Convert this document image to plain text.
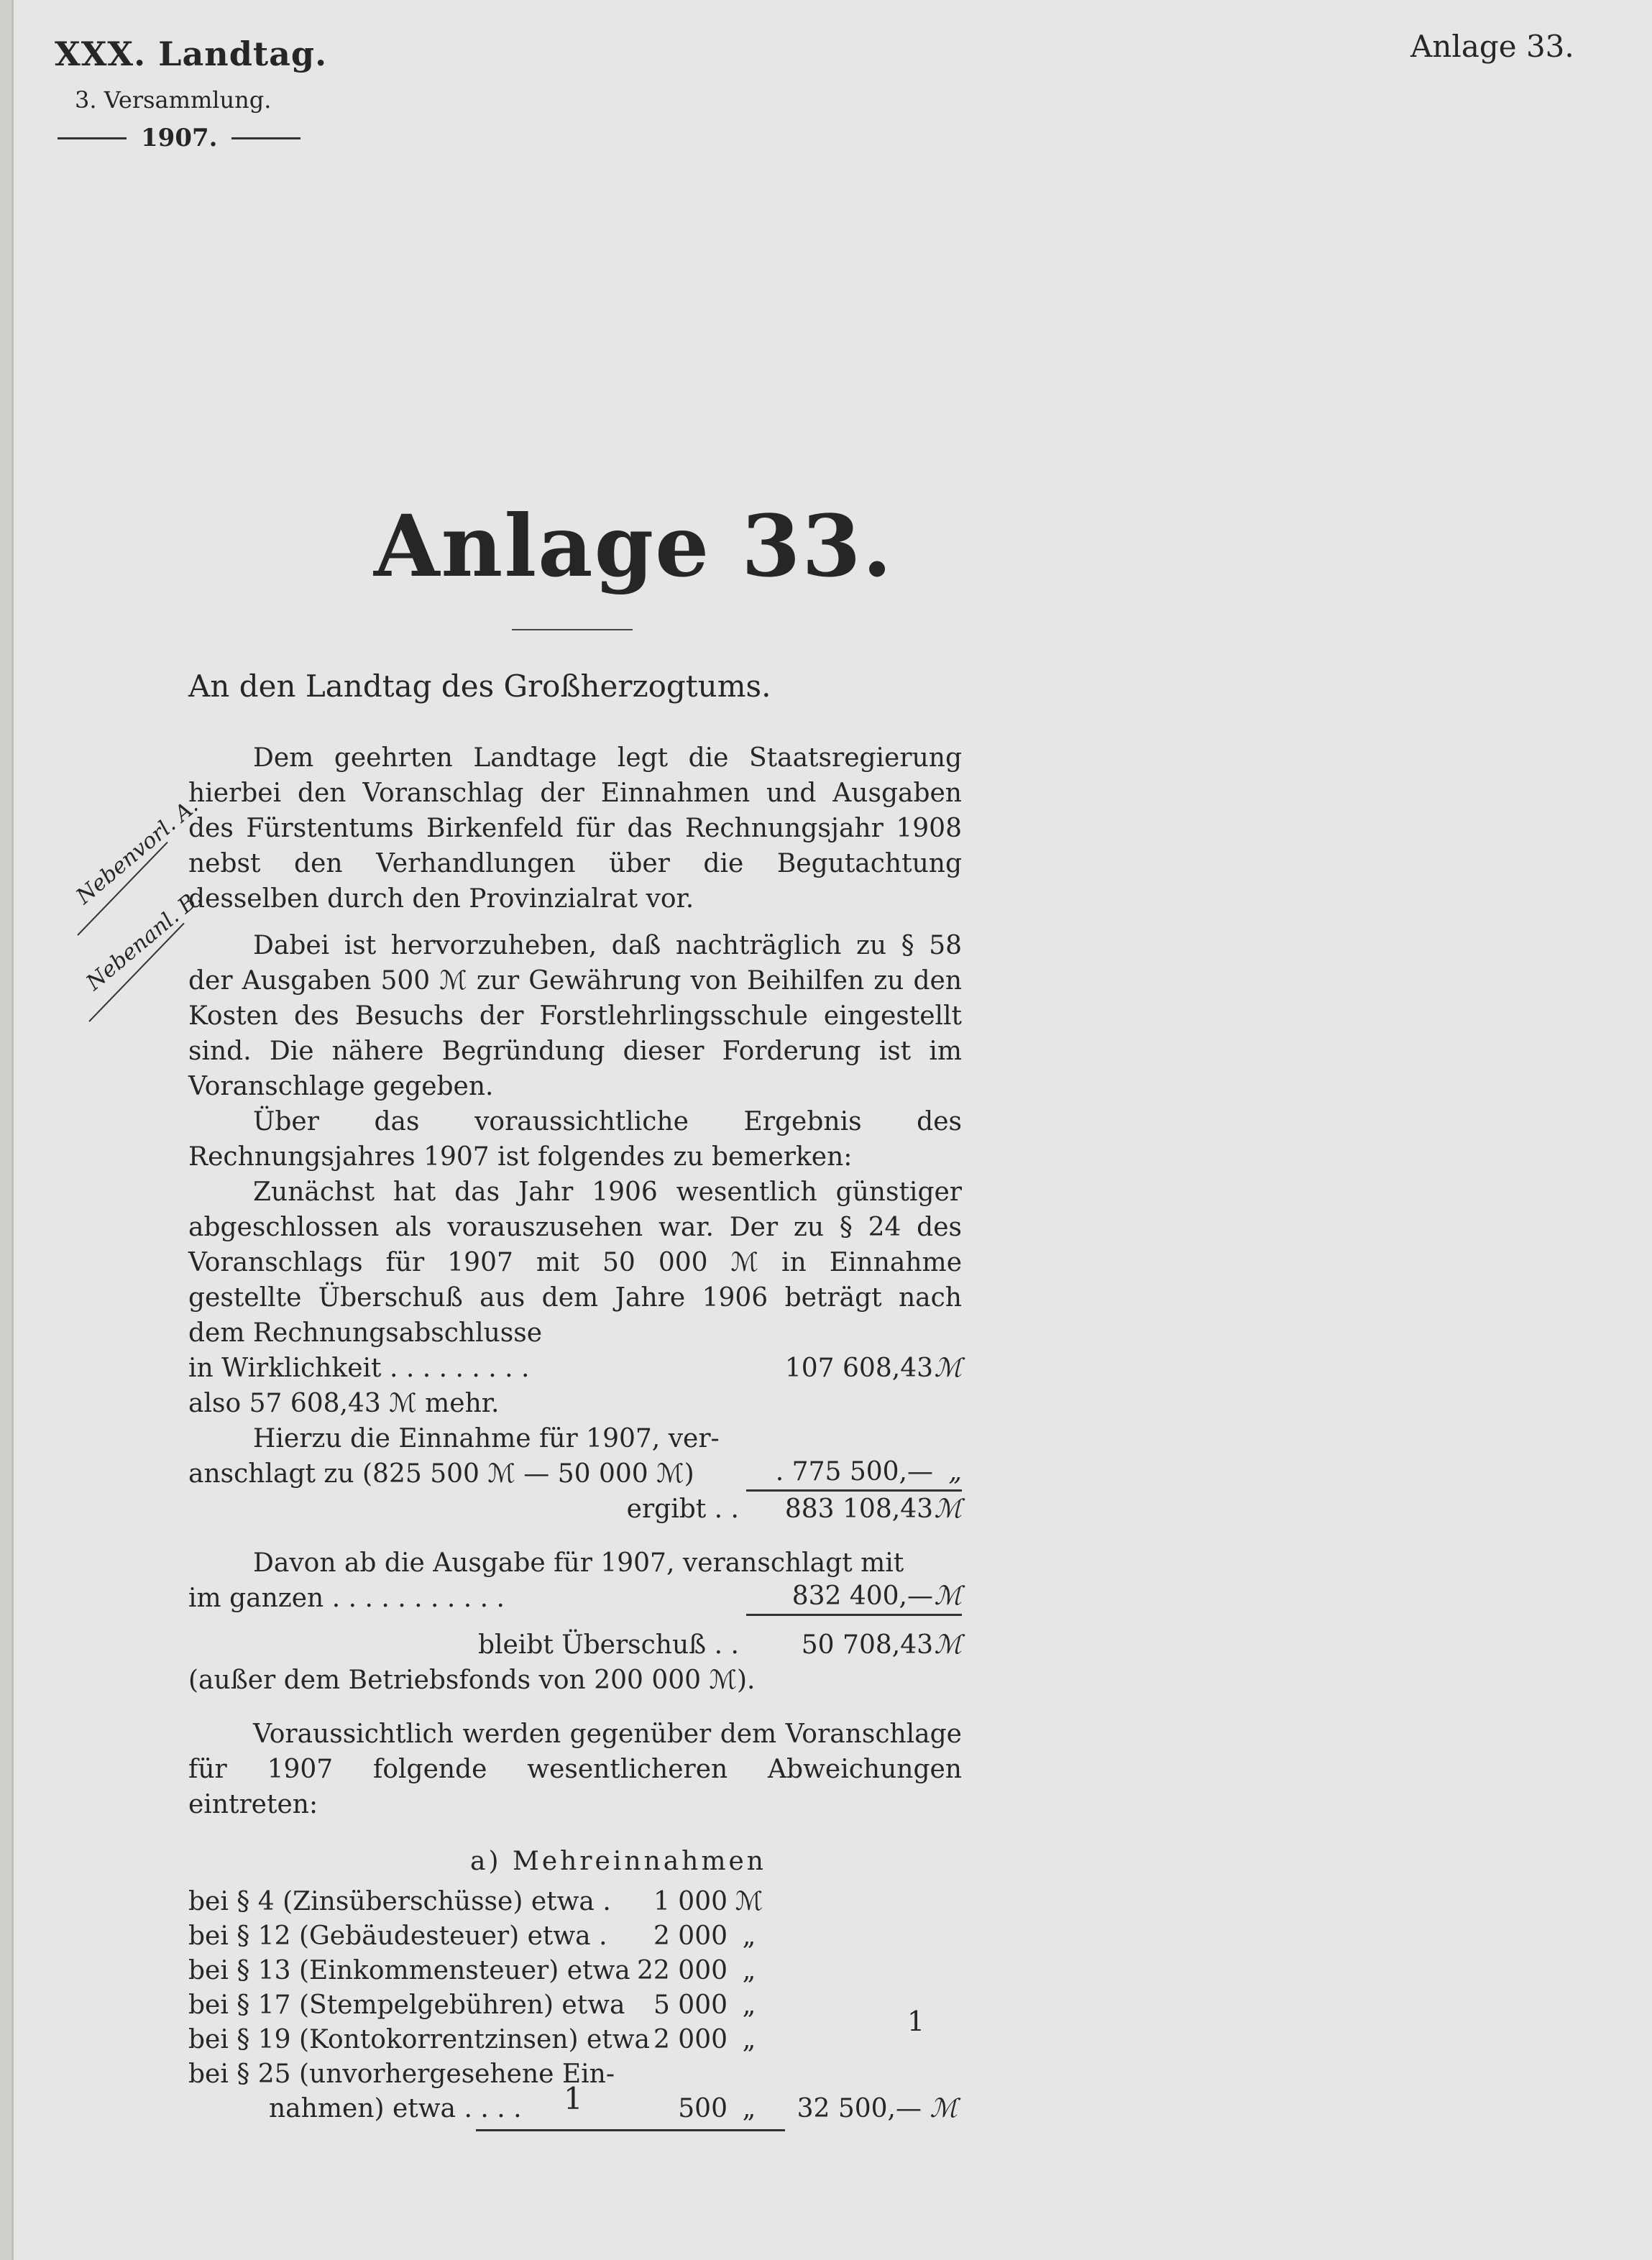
XXX. Landtag.
3. Versammlung.
1907.
Anlage 33.
Anlage 33.
An den Landtag des Großherzogtums.
Nebenvorl. A.
Nebenanl. B.

Dem geehrten Landtage legt die Staatsregierung hierbei den Voranschlag der Einnahmen und Ausgaben des Fürstentums Birkenfeld für das Rechnungsjahr 1908 nebst den Verhandlungen über die Begutachtung desselben durch den Provinzialrat vor.

Dabei ist hervorzuheben, daß nachträglich zu § 58 der Ausgaben 500 ℳ zur Gewährung von Beihilfen zu den Kosten des Besuchs der Forstlehrlingsschule eingestellt sind. Die nähere Begründung dieser Forderung ist im Voranschlage gegeben.

Über das voraussichtliche Ergebnis des Rechnungsjahres 1907 ist folgendes zu bemerken:

Zunächst hat das Jahr 1906 wesentlich günstiger abgeschlossen als vorauszusehen war. Der zu § 24 des Voranschlags für 1907 mit 50 000 ℳ in Einnahme gestellte Überschuß aus dem Jahre 1906 beträgt nach dem Rechnungsabschlusse

in Wirklichkeit . . . . . . . . .	107 608,43 ℳ
also 57 608,43 ℳ mehr.
Hierzu die Einnahme für 1907, ver-
anschlagt zu (825 500 ℳ — 50 000 ℳ)	. 775 500,— „
ergibt . .	883 108,43 ℳ

Davon ab die Ausgabe für 1907, veranschlagt mit

im ganzen . . . . . . . . . . .	832 400,— ℳ
bleibt Überschuß . .	50 708,43 ℳ
(außer dem Betriebsfonds von 200 000 ℳ).

Voraussichtlich werden gegenüber dem Voranschlage für 1907 folgende wesentlicheren Abweichungen eintreten:

a) Mehreinnahmen
bei § 4 (Zinsüberschüsse) etwa .	1 000 ℳ
bei § 12 (Gebäudesteuer) etwa .	2 000 „
bei § 13 (Einkommensteuer) etwa 22 000 „
bei § 17 (Stempelgebühren) etwa	5 000 „
bei § 19 (Kontokorrentzinsen) etwa 2 000 „
bei § 25 (unvorhergesehene Ein-
nahmen) etwa . . . .	500 „	32 500,— ℳ
1
1
